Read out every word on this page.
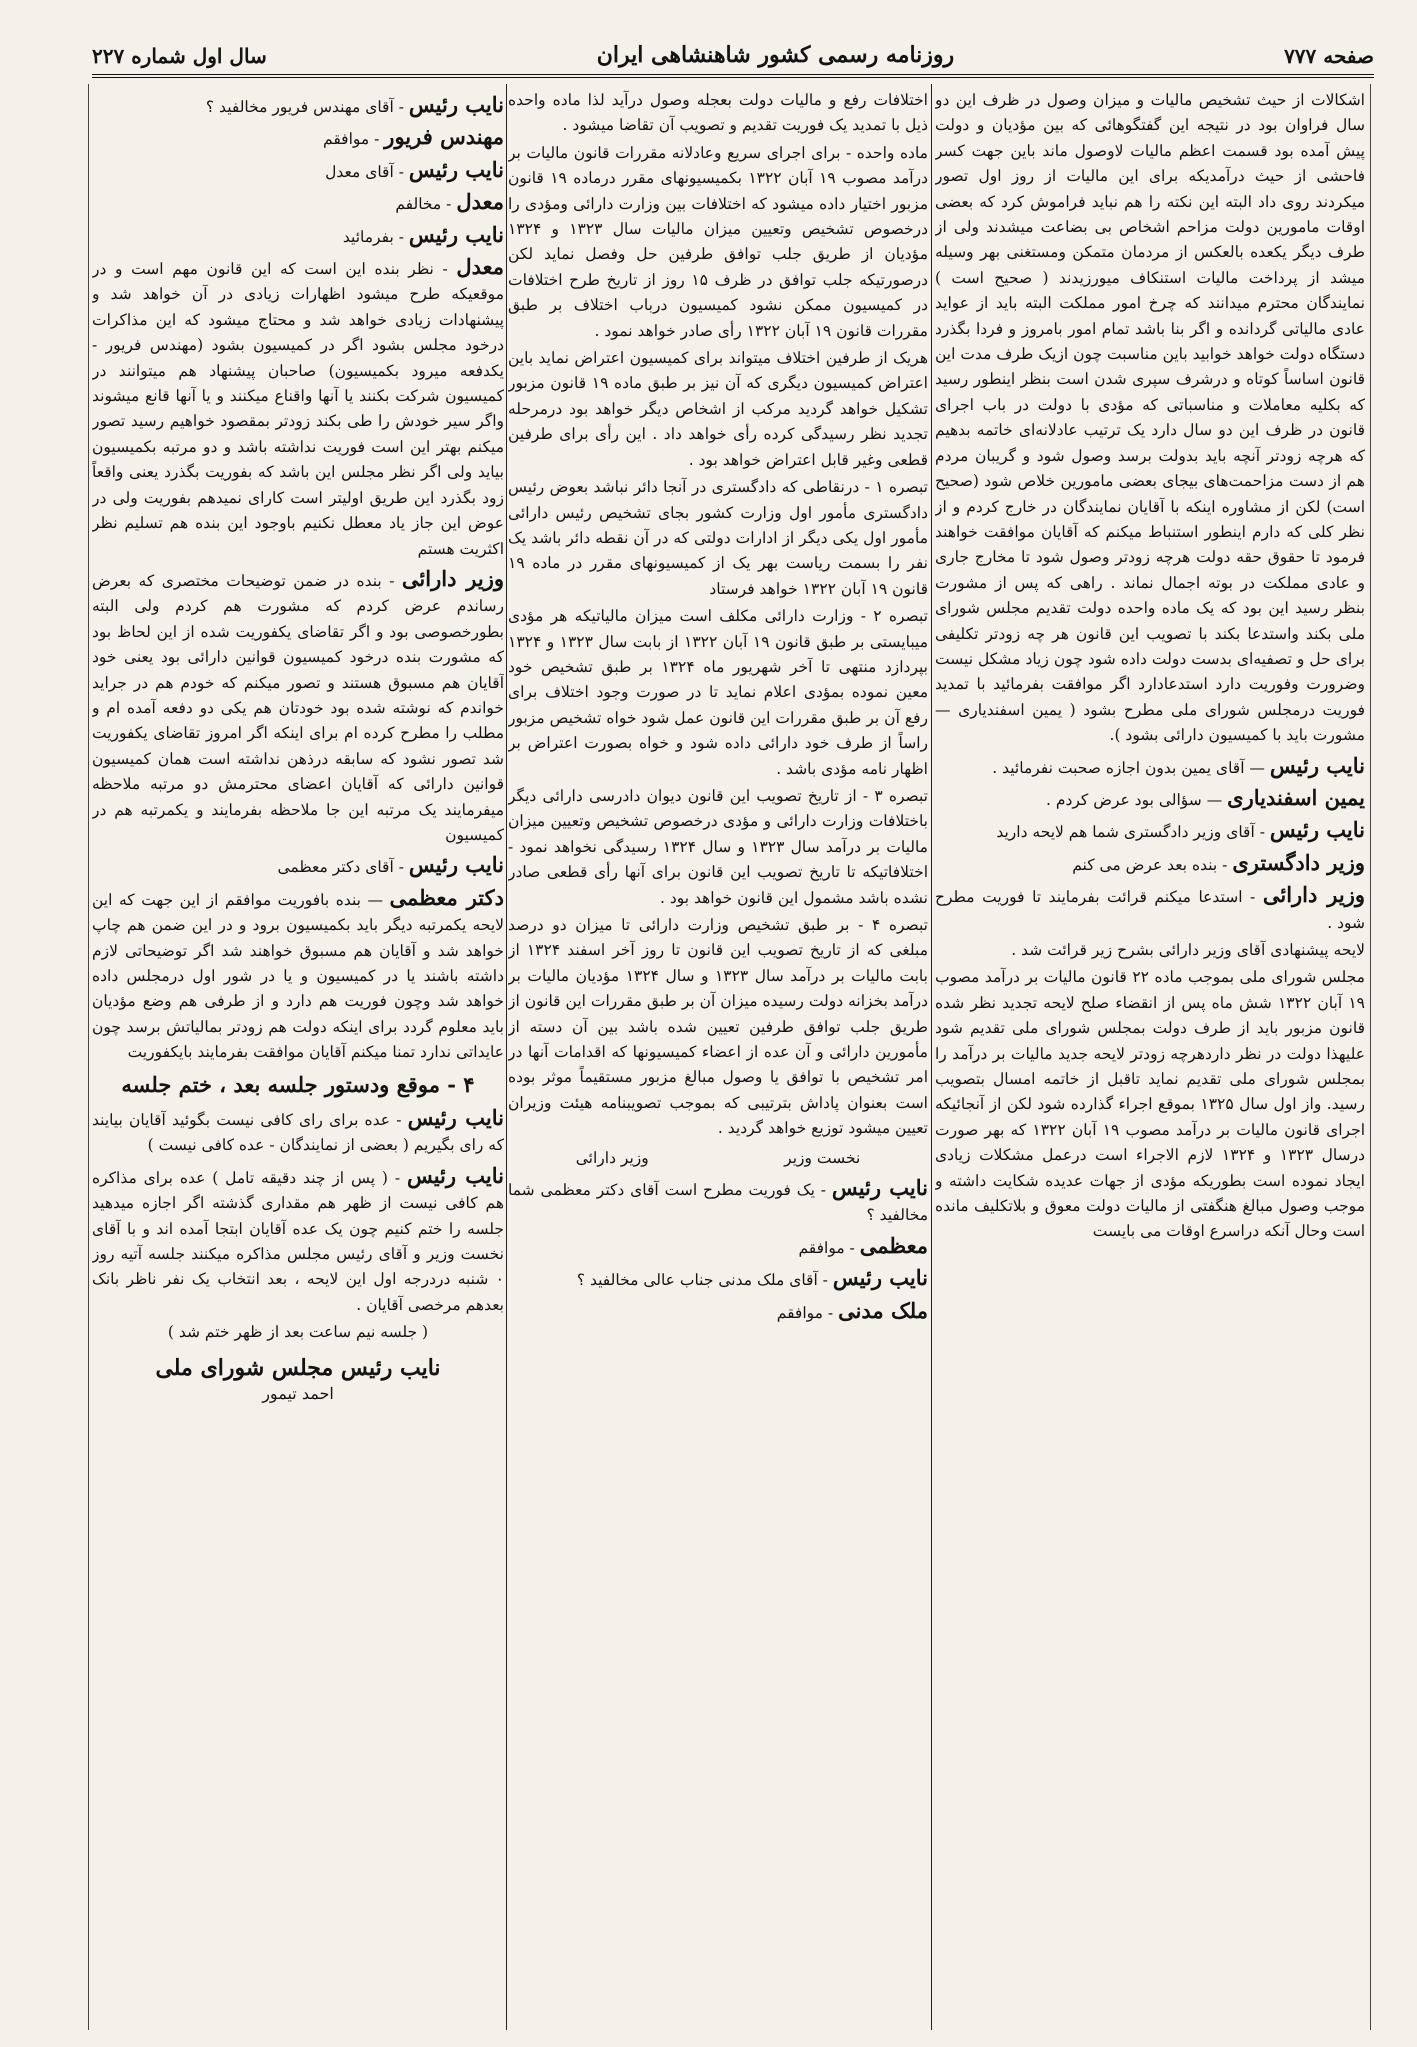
صفحه ۷۷۷
روزنامه رسمی کشور شاهنشاهی ایران
سال اول شماره ۲۲۷

اشکالات از حیث تشخیص مالیات و میزان وصول در ظرف این دو سال فراوان بود در نتیجه این گفتگوهائی که بین مؤدیان و دولت پیش آمده بود قسمت اعظم مالیات لاوصول ماند باین جهت کسر فاحشی از حیث درآمدیکه برای این مالیات از روز اول تصور میکردند روی داد البته این نکته را هم نباید فراموش کرد که بعضی اوقات مامورین دولت مزاحم اشخاص بی بضاعت میشدند ولی از طرف دیگر یکعده بالعکس از مردمان متمکن ومستغنی بهر وسیله میشد از پرداخت مالیات استنکاف میورزیدند ( صحیح است ) نمایندگان محترم میدانند که چرخ امور مملکت البته باید از عواید عادی مالیاتی گردانده و اگر بنا باشد تمام امور بامروز و فردا بگذرد دستگاه دولت خواهد خوابید باین مناسبت چون ازیک طرف مدت این قانون اساساً کوتاه و درشرف سپری شدن است بنظر اینطور رسید که بکلیه معاملات و مناسباتی که مؤدی با دولت در باب اجرای قانون در ظرف این دو سال دارد یک ترتیب عادلانه‌ای خاتمه بدهیم که هرچه زودتر آنچه باید بدولت برسد وصول شود و گریبان مردم هم از دست مزاحمت‌های بیجای بعضی مامورین خلاص شود (صحیح است) لکن از مشاوره اینکه با آقایان نمایندگان در خارج کردم و از نظر کلی که دارم اینطور استنباط میکنم که آقایان موافقت خواهند فرمود تا حقوق حقه دولت هرچه زودتر وصول شود تا مخارج جاری و عادی مملکت در بوته اجمال نماند . راهی که پس از مشورت بنظر رسید این بود که یک ماده واحده دولت تقدیم مجلس شورای ملی بکند واستدعا بکند با تصویب این قانون هر چه زودتر تکلیفی برای حل و تصفیه‌ای بدست دولت داده شود چون زیاد مشکل نیست وضرورت وفوریت دارد استدعادارد اگر موافقت بفرمائید با تمدید فوریت درمجلس شورای ملی مطرح بشود ( یمین اسفندیاری — مشورت باید با کمیسیون دارائی بشود ).

نایب رئیس — آقای یمین بدون اجازه صحبت نفرمائید .

یمین اسفندیاری — سؤالی بود عرض کردم .

نایب رئیس - آقای وزیر دادگستری شما هم لایحه دارید

وزیر دادگستری - بنده بعد عرض می کنم

وزیر دارائی - استدعا میکنم قرائت بفرمایند تا فوریت مطرح شود .

لایحه پیشنهادی آقای وزیر دارائی بشرح زیر قرائت شد .

مجلس شورای ملی بموجب ماده ۲۲ قانون مالیات بر درآمد مصوب ۱۹ آبان ۱۳۲۲ شش ماه پس از انقضاء صلح لایحه تجدید نظر شده قانون مزبور باید از طرف دولت بمجلس شورای ملی تقدیم شود علیهذا دولت در نظر داردهرچه زودتر لایحه جدید مالیات بر درآمد را بمجلس شورای ملی تقدیم نماید تاقبل از خاتمه امسال بتصویب رسید. واز اول سال ۱۳۲۵ بموقع اجراء گذارده شود لکن از آنجائیکه اجرای قانون مالیات بر درآمد مصوب ۱۹ آبان ۱۳۲۲ که بهر صورت درسال ۱۳۲۳ و ۱۳۲۴ لازم الاجراء است درعمل مشکلات زیادی ایجاد نموده است بطوریکه مؤدی از جهات عدیده شکایت داشته و موجب وصول مبالغ هنگفتی از مالیات دولت معوق و بلاتکلیف مانده است وحال آنکه دراسرع اوقات می بایست

اختلافات رفع و مالیات دولت بعجله وصول درآید لذا ماده واحده ذیل با تمدید یک فوریت تقدیم و تصویب آن تقاضا میشود .

ماده واحده - برای اجرای سریع وعادلانه مقررات قانون مالیات بر درآمد مصوب ۱۹ آبان ۱۳۲۲ بکمیسیونهای مقرر درماده ۱۹ قانون مزبور اختیار داده میشود که اختلافات بین وزارت دارائی ومؤدی را درخصوص تشخیص وتعیین میزان مالیات سال ۱۳۲۳ و ۱۳۲۴ مؤدیان از طریق جلب توافق طرفین حل وفصل نماید لکن درصورتیکه جلب توافق در ظرف ۱۵ روز از تاریخ طرح اختلافات در کمیسیون ممکن نشود کمیسیون درباب اختلاف بر طبق مقررات قانون ۱۹ آبان ۱۳۲۲ رأی صادر خواهد نمود .

هریک از طرفین اختلاف میتواند برای کمیسیون اعتراض نماید باین اعتراض کمیسیون دیگری که آن نیز بر طبق ماده ۱۹ قانون مزبور تشکیل خواهد گردید مرکب از اشخاص دیگر خواهد بود درمرحله تجدید نظر رسیدگی کرده رأی خواهد داد . این رأی برای طرفین قطعی وغیر قابل اعتراض خواهد بود .

تبصره ۱ - درنقاطی که دادگستری در آنجا دائر نباشد بعوض رئیس دادگستری مأمور اول وزارت کشور بجای تشخیص رئیس دارائی مأمور اول یکی دیگر از ادارات دولتی که در آن نقطه دائر باشد یک نفر را بسمت ریاست بهر یک از کمیسیونهای مقرر در ماده ۱۹ قانون ۱۹ آبان ۱۳۲۲ خواهد فرستاد

تبصره ۲ - وزارت دارائی مکلف است میزان مالیاتیکه هر مؤدی میبایستی بر طبق قانون ۱۹ آبان ۱۳۲۲ از بابت سال ۱۳۲۳ و ۱۳۲۴ بپردازد منتهی تا آخر شهریور ماه ۱۳۲۴ بر طبق تشخیص خود معین نموده بمؤدی اعلام نماید تا در صورت وجود اختلاف برای رفع آن بر طبق مقررات این قانون عمل شود خواه تشخیص مزبور راساً از طرف خود دارائی داده شود و خواه بصورت اعتراض بر اظهار نامه مؤدی باشد .

تبصره ۳ - از تاریخ تصویب این قانون دیوان دادرسی دارائی دیگر باختلافات وزارت دارائی و مؤدی درخصوص تشخیص وتعیین میزان مالیات بر درآمد سال ۱۳۲۳ و سال ۱۳۲۴ رسیدگی نخواهد نمود - اختلافاتیکه تا تاریخ تصویب این قانون برای آنها رأی قطعی صادر نشده باشد مشمول این قانون خواهد بود .

تبصره ۴ - بر طبق تشخیص وزارت دارائی تا میزان دو درصد مبلغی که از تاریخ تصویب این قانون تا روز آخر اسفند ۱۳۲۴ از بابت مالیات بر درآمد سال ۱۳۲۳ و سال ۱۳۲۴ مؤدیان مالیات بر درآمد بخزانه دولت رسیده میزان آن بر طبق مقررات این قانون از طریق جلب توافق طرفین تعیین شده باشد بین آن دسته از مأمورین دارائی و آن عده از اعضاء کمیسیونها که اقدامات آنها در امر تشخیص با توافق یا وصول مبالغ مزبور مستقیماً موثر بوده است بعنوان پاداش بترتیبی که بموجب تصویبنامه هیئت وزیران تعیین میشود توزیع خواهد گردید .

نخست وزیر
وزیر دارائی

نایب رئیس - یک فوریت مطرح است آقای دکتر معظمی شما مخالفید ؟

معظمی - موافقم

نایب رئیس - آقای ملک مدنی جناب عالی مخالفید ؟

ملک مدنی - موافقم

نایب رئیس - آقای مهندس فریور مخالفید ؟

مهندس فریور - موافقم

نایب رئیس - آقای معدل

معدل - مخالفم

نایب رئیس - بفرمائید

معدل - نظر بنده این است که این قانون مهم است و در موقعیکه طرح میشود اظهارات زیادی در آن خواهد شد و پیشنهادات زیادی خواهد شد و محتاج میشود که این مذاکرات درخود مجلس بشود اگر در کمیسیون بشود (مهندس فریور - یکدفعه میرود بکمیسیون) صاحبان پیشنهاد هم میتوانند در کمیسیون شرکت بکنند یا آنها واقناع میکنند و یا آنها قانع میشوند واگر سیر خودش را طی بکند زودتر بمقصود خواهیم رسید تصور میکنم بهتر این است فوریت نداشته باشد و دو مرتبه بکمیسیون بیاید ولی اگر نظر مجلس این باشد که بفوریت بگذرد یعنی واقعاً زود بگذرد این طریق اولیتر است کارای نمیدهم بفوریت ولی در عوض این جاز یاد معطل نکنیم باوجود این بنده هم تسلیم نظر اکثریت هستم

وزیر دارائی - بنده در ضمن توضیحات مختصری که بعرض رساندم عرض کردم که مشورت هم کردم ولی البته بطورخصوصی بود و اگر تقاضای یکفوریت شده از این لحاظ بود که مشورت بنده درخود کمیسیون قوانین دارائی بود یعنی خود آقایان هم مسبوق هستند و تصور میکنم که خودم هم در جراید خواندم که نوشته شده بود خودتان هم یکی دو دفعه آمده ام و مطلب را مطرح کرده ام برای اینکه اگر امروز تقاضای یکفوریت شد تصور نشود که سابقه درذهن نداشته است همان کمیسیون قوانین دارائی که آقایان اعضای محترمش دو مرتبه ملاحظه میفرمایند یک مرتبه این جا ملاحظه بفرمایند و یکمرتبه هم در کمیسیون

نایب رئیس - آقای دکتر معظمی

دکتر معظمی — بنده بافوریت موافقم از این جهت که این لایحه یکمرتبه دیگر باید بکمیسیون برود و در این ضمن هم چاپ خواهد شد و آقایان هم مسبوق خواهند شد اگر توضیحاتی لازم داشته باشند یا در کمیسیون و یا در شور اول درمجلس داده خواهد شد وچون فوریت هم دارد و از طرفی هم وضع مؤدیان باید معلوم گردد برای اینکه دولت هم زودتر بمالیاتش برسد چون عایداتی ندارد تمنا میکنم آقایان موافقت بفرمایند بایکفوریت

۴ - موقع ودستور جلسه بعد ، ختم جلسه

نایب رئیس - عده برای رای کافی نیست بگوئید آقایان بیایند که رای بگیریم ( بعضی از نمایندگان - عده کافی نیست )

نایب رئیس - ( پس از چند دقیقه تامل ) عده برای مذاکره هم کافی نیست از ظهر هم مقداری گذشته اگر اجازه میدهید جلسه را ختم کنیم چون یک عده آقایان ابتجا آمده اند و با آقای نخست وزیر و آقای رئیس مجلس مذاکره میکنند جلسه آتیه روز ۰ شنبه دردرجه اول این لایحه ، بعد انتخاب یک نفر ناظر بانک بعدهم مرخصی آقایان .

( جلسه نیم ساعت بعد از ظهر ختم شد )

نایب رئیس مجلس شورای ملی
احمد تیمور
